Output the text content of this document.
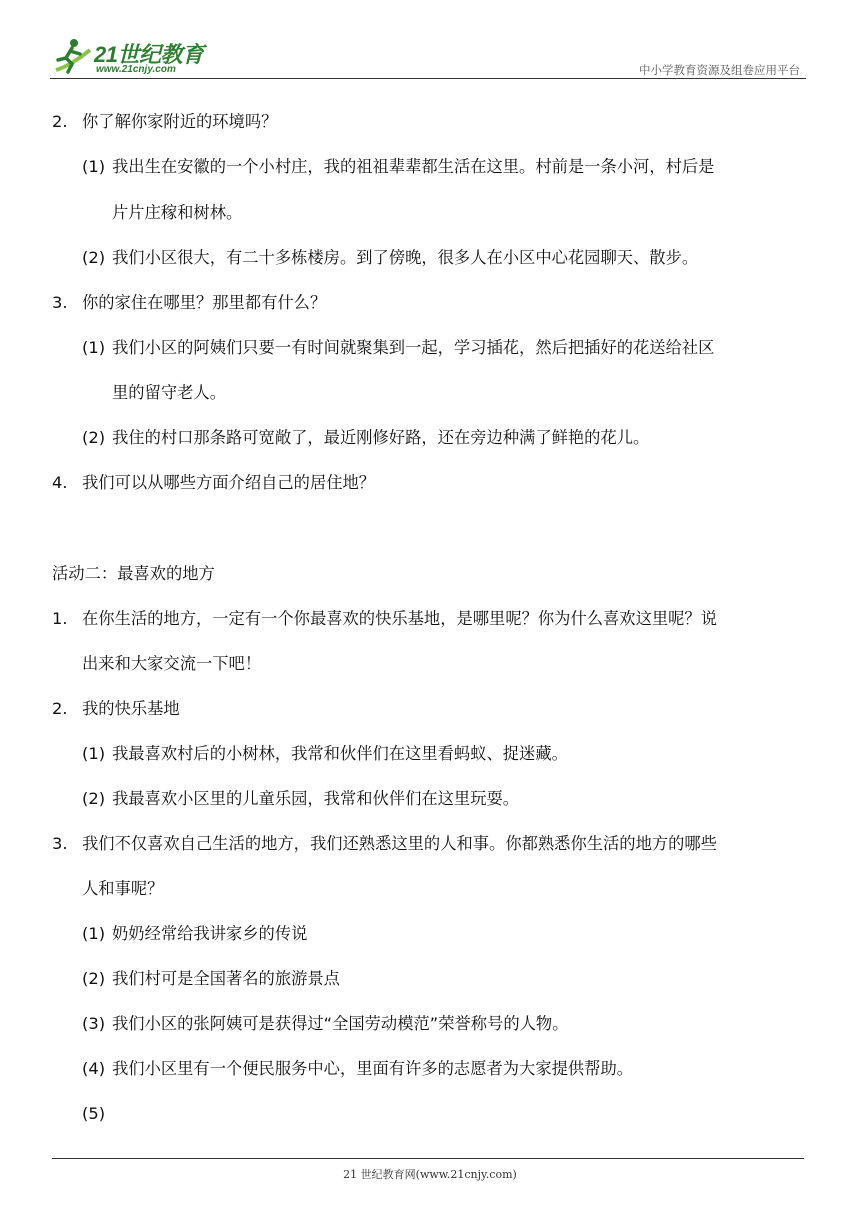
21世纪教育
www.21cnjy.com	中小学教育资源及组卷应用平台
2. 你了解你家附近的环境吗？
(1) 我出生在安徽的一个小村庄，我的祖祖辈辈都生活在这里。村前是一条小河，村后是
片片庄稼和树林。
(2) 我们小区很大，有二十多栋楼房。到了傍晚，很多人在小区中心花园聊天、散步。
3. 你的家住在哪里？那里都有什么？
(1) 我们小区的阿姨们只要一有时间就聚集到一起，学习插花，然后把插好的花送给社区
里的留守老人。
(2) 我住的村口那条路可宽敞了，最近刚修好路，还在旁边种满了鲜艳的花儿。
4. 我们可以从哪些方面介绍自己的居住地？
活动二：最喜欢的地方
1. 在你生活的地方，一定有一个你最喜欢的快乐基地，是哪里呢？你为什么喜欢这里呢？说
出来和大家交流一下吧！
2. 我的快乐基地
(1) 我最喜欢村后的小树林，我常和伙伴们在这里看蚂蚁、捉迷藏。
(2) 我最喜欢小区里的儿童乐园，我常和伙伴们在这里玩耍。
3. 我们不仅喜欢自己生活的地方，我们还熟悉这里的人和事。你都熟悉你生活的地方的哪些
人和事呢？
(1) 奶奶经常给我讲家乡的传说
(2) 我们村可是全国著名的旅游景点
(3) 我们小区的张阿姨可是获得过“全国劳动模范”荣誉称号的人物。
(4) 我们小区里有一个便民服务中心，里面有许多的志愿者为大家提供帮助。
(5)
21 世纪教育网(www.21cnjy.com)
